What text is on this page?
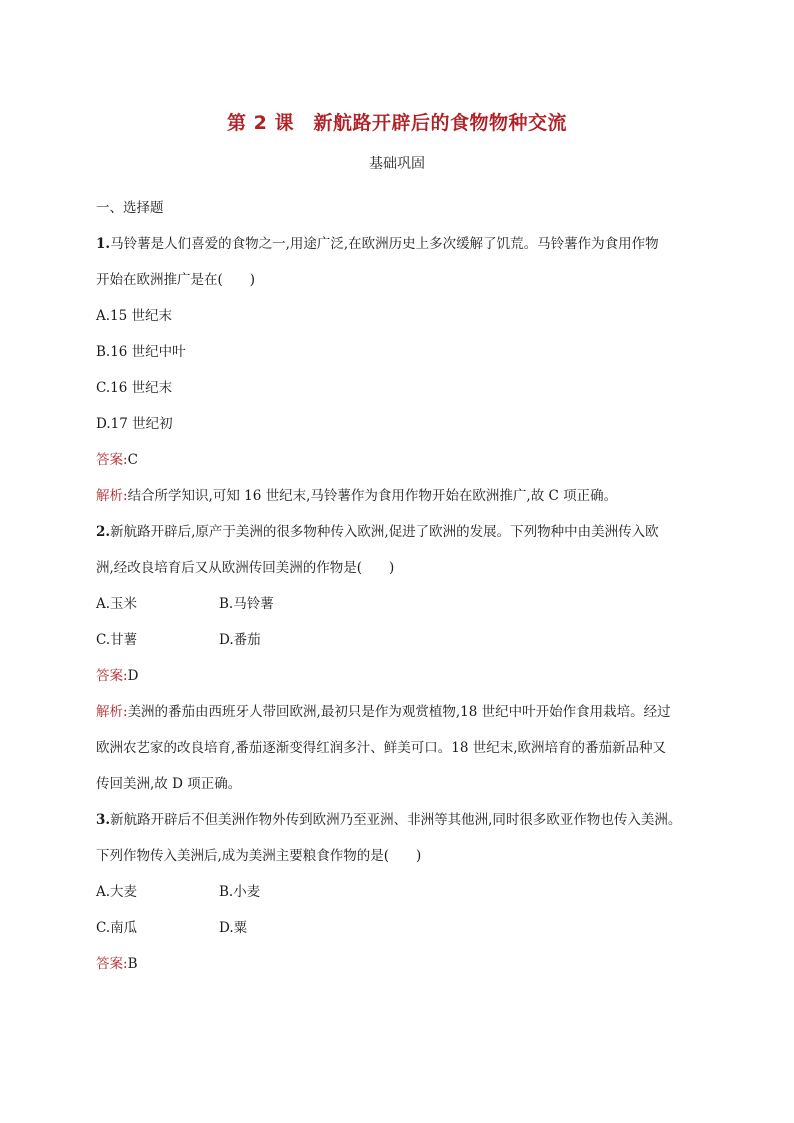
第 2 课　新航路开辟后的食物物种交流
基础巩固
一、选择题
1.马铃薯是人们喜爱的食物之一,用途广泛,在欧洲历史上多次缓解了饥荒。马铃薯作为食用作物
开始在欧洲推广是在(　　)
A.15 世纪末
B.16 世纪中叶
C.16 世纪末
D.17 世纪初
答案:C
解析:结合所学知识,可知 16 世纪末,马铃薯作为食用作物开始在欧洲推广,故 C 项正确。
2.新航路开辟后,原产于美洲的很多物种传入欧洲,促进了欧洲的发展。下列物种中由美洲传入欧
洲,经改良培育后又从欧洲传回美洲的作物是(　　)
A.玉米	B.马铃薯
C.甘薯	D.番茄
答案:D
解析:美洲的番茄由西班牙人带回欧洲,最初只是作为观赏植物,18 世纪中叶开始作食用栽培。经过
欧洲农艺家的改良培育,番茄逐渐变得红润多汁、鲜美可口。18 世纪末,欧洲培育的番茄新品种又
传回美洲,故 D 项正确。
3.新航路开辟后不但美洲作物外传到欧洲乃至亚洲、非洲等其他洲,同时很多欧亚作物也传入美洲。
下列作物传入美洲后,成为美洲主要粮食作物的是(　　)
A.大麦	B.小麦
C.南瓜	D.粟
答案:B
